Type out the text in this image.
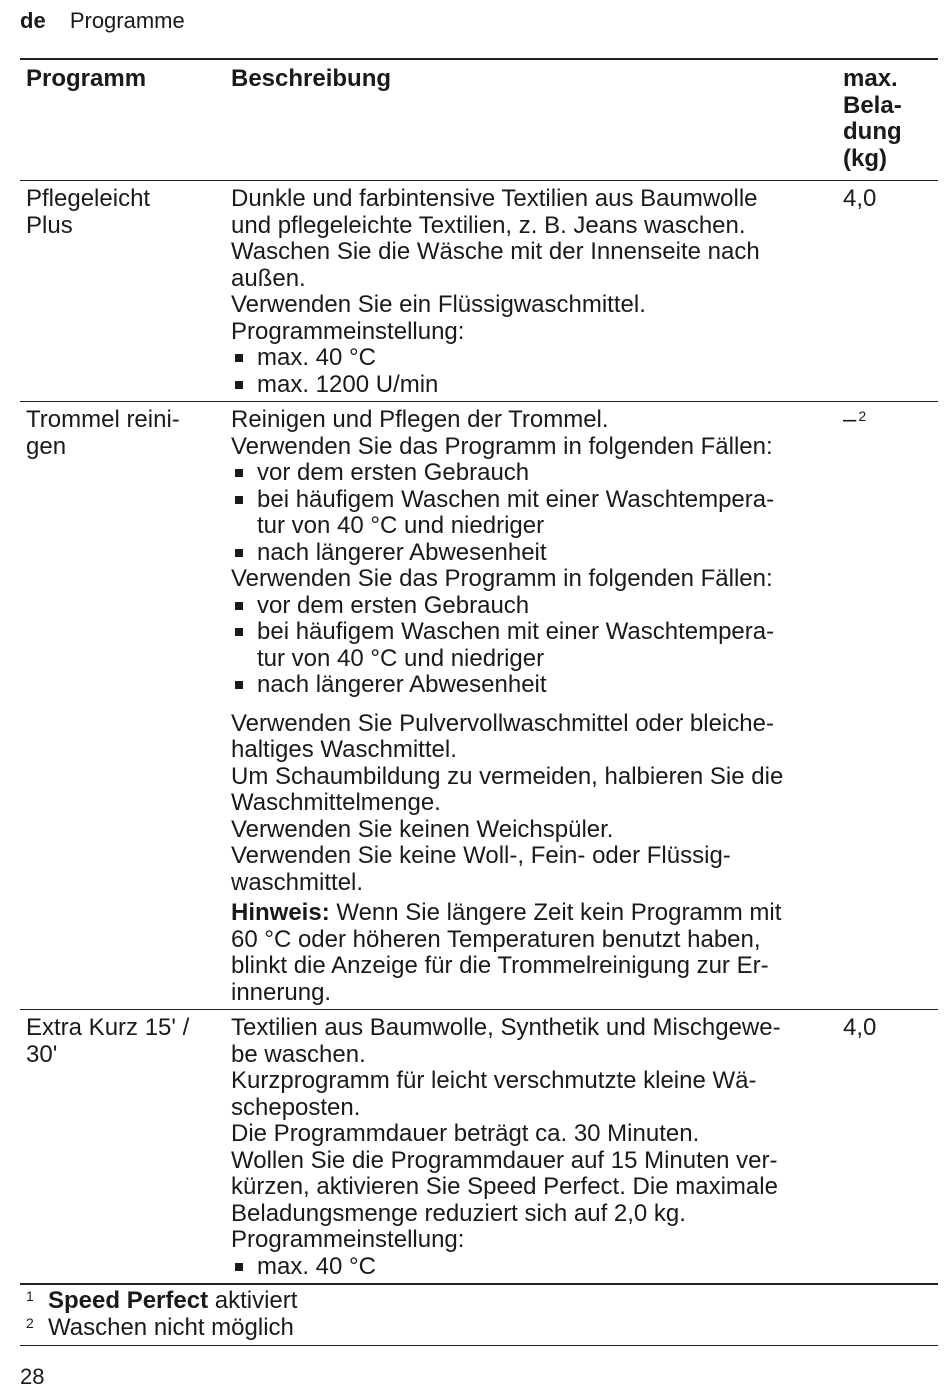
de Programme
Programm	Beschreibung	max.
Bela-
dung
(kg)
Pflegeleicht
Plus
Dunkle und farbintensive Textilien aus Baumwolle
und pflegeleichte Textilien, z. B. Jeans waschen.
Waschen Sie die Wäsche mit der Innenseite nach
außen.
Verwenden Sie ein Flüssigwaschmittel.
Programmeinstellung:
max. 40 °C
max. 1200 U/min
4,0
Trommel reini-
gen
Reinigen und Pflegen der Trommel.
Verwenden Sie das Programm in folgenden Fällen:
vor dem ersten Gebrauch
bei häufigem Waschen mit einer Waschtempera-
tur von 40 °C und niedriger
nach längerer Abwesenheit
Verwenden Sie das Programm in folgenden Fällen:
vor dem ersten Gebrauch
bei häufigem Waschen mit einer Waschtempera-
tur von 40 °C und niedriger
nach längerer Abwesenheit
Verwenden Sie Pulvervollwaschmittel oder bleiche-
haltiges Waschmittel.
Um Schaumbildung zu vermeiden, halbieren Sie die
Waschmittelmenge.
Verwenden Sie keinen Weichspüler.
Verwenden Sie keine Woll-, Fein- oder Flüssig-
waschmittel.
Hinweis: Wenn Sie längere Zeit kein Programm mit
60 °C oder höheren Temperaturen benutzt haben,
blinkt die Anzeige für die Trommelreinigung zur Er-
innerung.
– $^2$
Extra Kurz 15' /
30'
Textilien aus Baumwolle, Synthetik und Mischgewe-
be waschen.
Kurzprogramm für leicht verschmutzte kleine Wä-
scheposten.
Die Programmdauer beträgt ca. 30 Minuten.
Wollen Sie die Programmdauer auf 15 Minuten ver-
kürzen, aktivieren Sie Speed Perfect. Die maximale
Beladungsmenge reduziert sich auf 2,0 kg.
Programmeinstellung:
max. 40 °C
4,0
1 Speed Perfect aktiviert
2 Waschen nicht möglich
28
